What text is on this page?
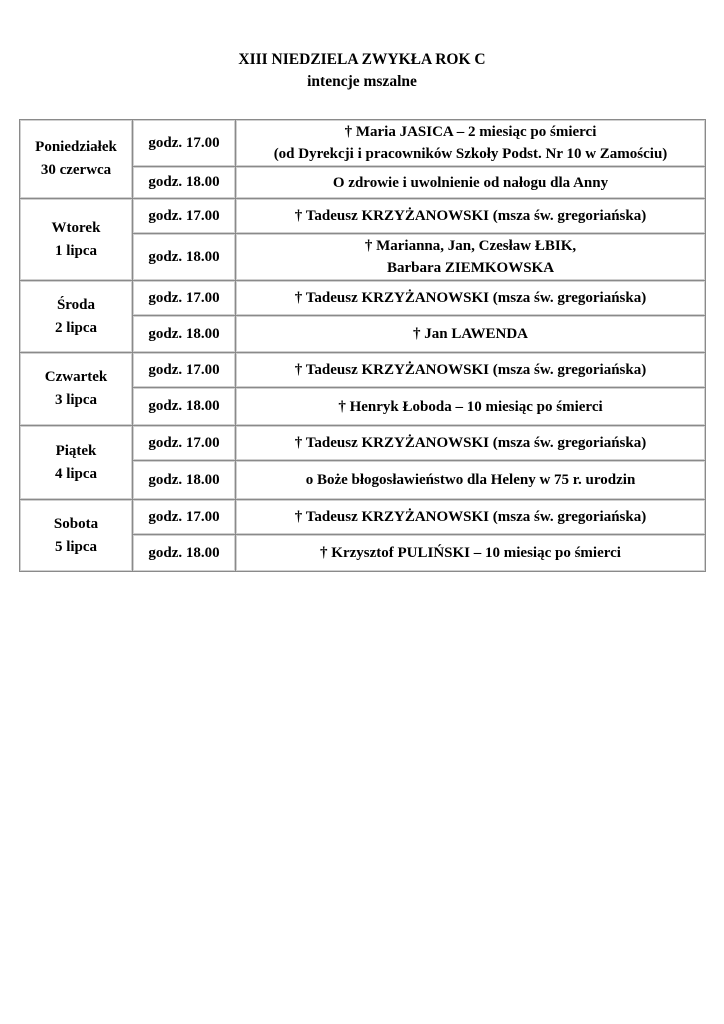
XIII NIEDZIELA ZWYKŁA ROK C
intencje mszalne
Poniedziałek
30 czerwca	godz. 17.00	† Maria JASICA – 2 miesiąc po śmierci
(od Dyrekcji i pracowników Szkoły Podst. Nr 10 w Zamościu)

	godz. 18.00	O zdrowie i uwolnienie od nałogu dla Anny

Wtorek
1 lipca	godz. 17.00	† Tadeusz KRZYŻANOWSKI (msza św. gregoriańska)

	godz. 18.00	† Marianna, Jan, Czesław ŁBIK,
Barbara ZIEMKOWSKA

Środa
2 lipca	godz. 17.00	† Tadeusz KRZYŻANOWSKI (msza św. gregoriańska)

	godz. 18.00	† Jan LAWENDA

Czwartek
3 lipca	godz. 17.00	† Tadeusz KRZYŻANOWSKI (msza św. gregoriańska)

	godz. 18.00	† Henryk Łoboda – 10 miesiąc po śmierci

Piątek
4 lipca	godz. 17.00	† Tadeusz KRZYŻANOWSKI (msza św. gregoriańska)

	godz. 18.00	o Boże błogosławieństwo dla Heleny w 75 r. urodzin

Sobota
5 lipca	godz. 17.00	† Tadeusz KRZYŻANOWSKI (msza św. gregoriańska)

	godz. 18.00	† Krzysztof PULIŃSKI – 10 miesiąc po śmierci
